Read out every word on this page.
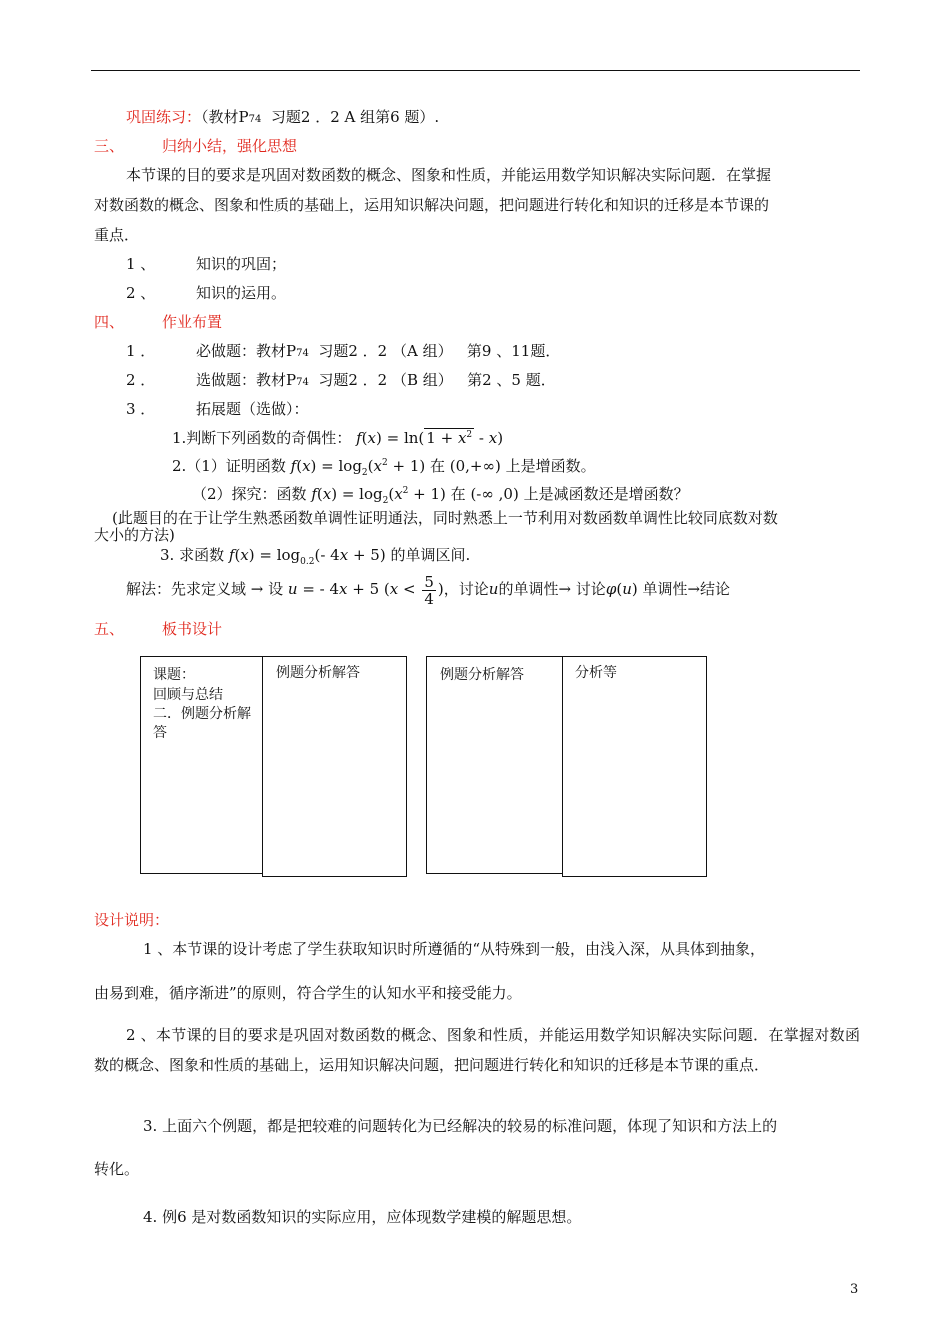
巩固练习：（教材P74 习题2 ．2 A 组第6 题）.
三、	归纳小结，强化思想
本节课的目的要求是巩固对数函数的概念、图象和性质，并能运用数学知识解决实际问题．在掌握
对数函数的概念、图象和性质的基础上，运用知识解决问题，把问题进行转化和知识的迁移是本节课的
重点．
1 、	知识的巩固；
2 、	知识的运用。
四、	作业布置
1 ．	必做题：教材P74 习题2 ．2 （A 组） 第9 、11题．
2 ．	选做题：教材P74 习题2 ．2 （B 组） 第2 、5 题．
3 ．	拓展题（选做）：
1.判断下列函数的奇偶性： f(x) = ln( $1 + x^2 - x$)
2.（1）证明函数 $f(x) = \log_2(x^2 + 1)$ 在 (0,+∞) 上是增函数。
（2）探究：函数 $f(x) = \log_2(x^2 + 1)$ 在 (-∞ ,0) 上是减函数还是增函数？
(此题目的在于让学生熟悉函数单调性证明通法，同时熟悉上一节利用对数函数单调性比较同底数对数
大小的方法)
3. 求函数 $f(x) = \log_{0.2}(-$ 4x + 5) 的单调区间.
解法：先求定义域 → 设 u = - 4x + 5 ($x < \frac{5}{4}$ )，讨论u的单调性→ 讨论φ(u) 单调性→结论
五、	板书设计
课题：
回顾与总结
二．例题分析解
答
例题分析解答	例题分析解答	分析等
设计说明：
1 、本节课的设计考虑了学生获取知识时所遵循的“从特殊到一般，由浅入深，从具体到抽象，
由易到难，循序渐进”的原则，符合学生的认知水平和接受能力。
2 、本节课的目的要求是巩固对数函数的概念、图象和性质，并能运用数学知识解决实际问题．在掌握对数函数的概念、图象和性质的基础上，运用知识解决问题，把问题进行转化和知识的迁移是本节课的重点．
3. 上面六个例题，都是把较难的问题转化为已经解决的较易的标准问题，体现了知识和方法上的
转化。
4. 例6 是对数函数知识的实际应用，应体现数学建模的解题思想。
3
